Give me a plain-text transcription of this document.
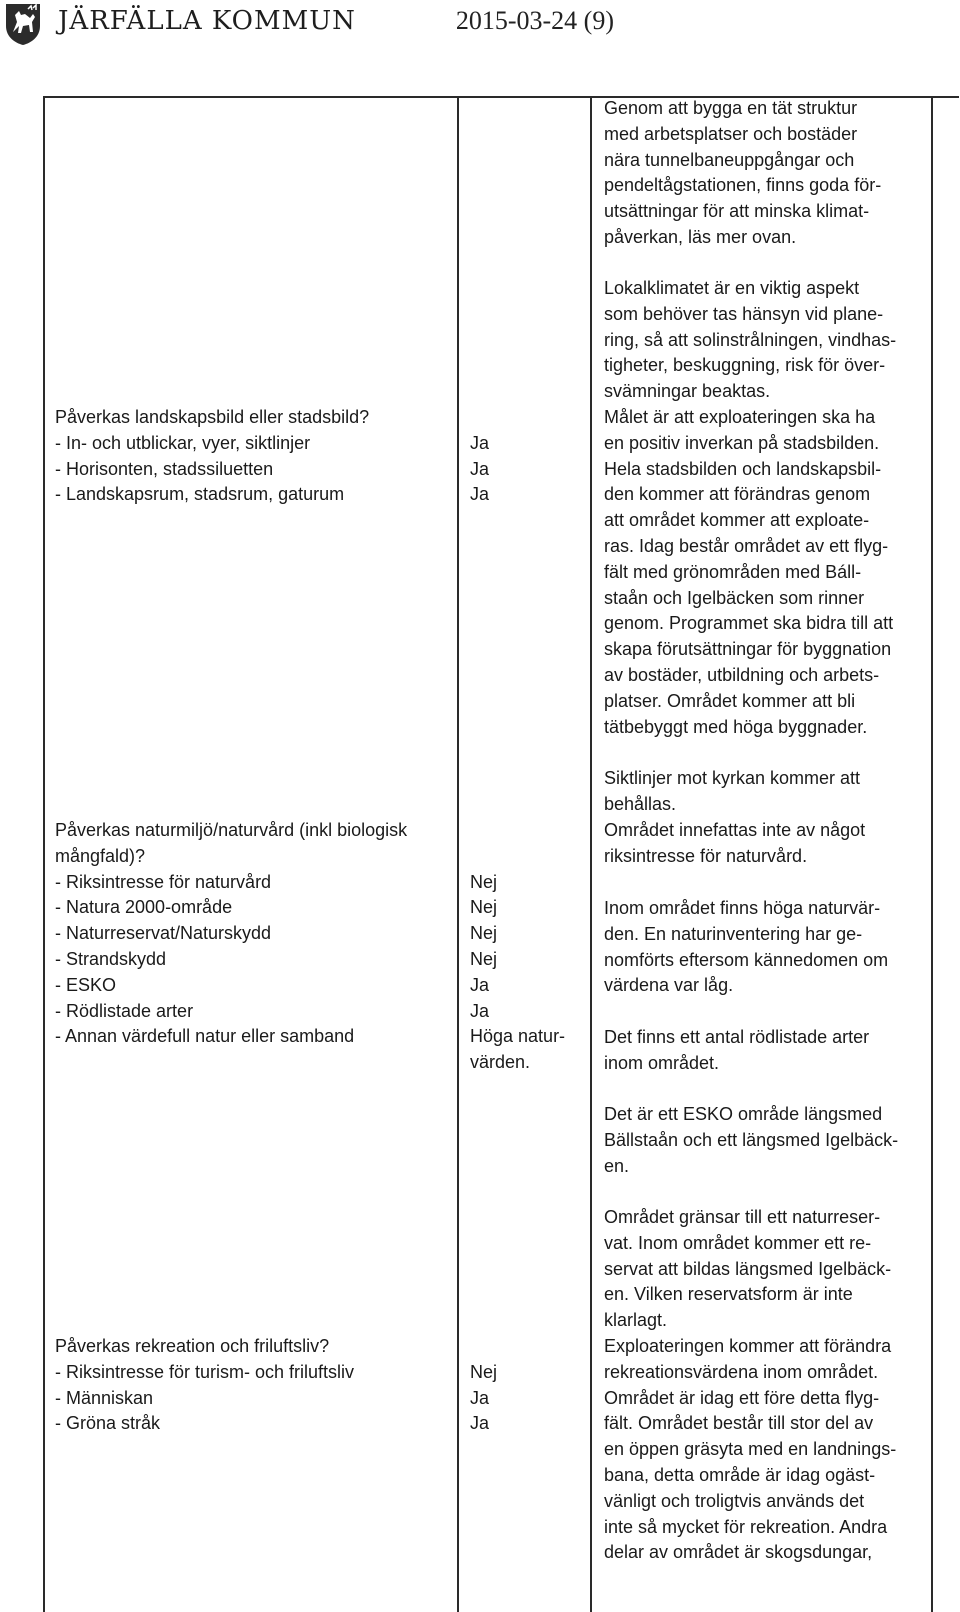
JÄRFÄLLA KOMMUN	2015-03-24 (9)
Genom att bygga en tät struktur
med arbetsplatser och bostäder
nära tunnelbaneuppgångar och
pendeltågstationen, finns goda för-
utsättningar för att minska klimat-
påverkan, läs mer ovan.
Lokalklimatet är en viktig aspekt
som behöver tas hänsyn vid plane-
ring, så att solinstrålningen, vindhas-
tigheter, beskuggning, risk för över-
svämningar beaktas.
Påverkas landskapsbild eller stadsbild?
- In- och utblickar, vyer, siktlinjer
- Horisonten, stadssiluetten
- Landskapsrum, stadsrum, gaturum

Ja
Ja
Ja
Målet är att exploateringen ska ha
en positiv inverkan på stadsbilden.
Hela stadsbilden och landskapsbil-
den kommer att förändras genom
att området kommer att exploate-
ras. Idag består området av ett flyg-
fält med grönområden med Báll-
staån och Igelbäcken som rinner
genom. Programmet ska bidra till att
skapa förutsättningar för byggnation
av bostäder, utbildning och arbets-
platser. Området kommer att bli
tätbebyggt med höga byggnader.
Siktlinjer mot kyrkan kommer att
behållas.
Påverkas naturmiljö/naturvård (inkl biologisk
mångfald)?
- Riksintresse för naturvård
- Natura 2000-område
- Naturreservat/Naturskydd
- Strandskydd
- ESKO
- Rödlistade arter
- Annan värdefull natur eller samband

Nej
Nej
Nej
Nej
Ja
Ja
Höga natur-
värden.
Området innefattas inte av något
riksintresse för naturvård.
Inom området finns höga naturvär-
den. En naturinventering har ge-
nomförts eftersom kännedomen om
värdena var låg.
Det finns ett antal rödlistade arter
inom området.
Det är ett ESKO område längsmed
Bällstaån och ett längsmed Igelbäck-
en.
Området gränsar till ett naturreser-
vat. Inom området kommer ett re-
servat att bildas längsmed Igelbäck-
en. Vilken reservatsform är inte
klarlagt.
Påverkas rekreation och friluftsliv?
- Riksintresse för turism- och friluftsliv
- Människan
- Gröna stråk

Nej
Ja
Ja
Exploateringen kommer att förändra
rekreationsvärdena inom området.
Området är idag ett före detta flyg-
fält. Området består till stor del av
en öppen gräsyta med en landnings-
bana, detta område är idag ogäst-
vänligt och troligtvis används det
inte så mycket för rekreation. Andra
delar av området är skogsdungar,
